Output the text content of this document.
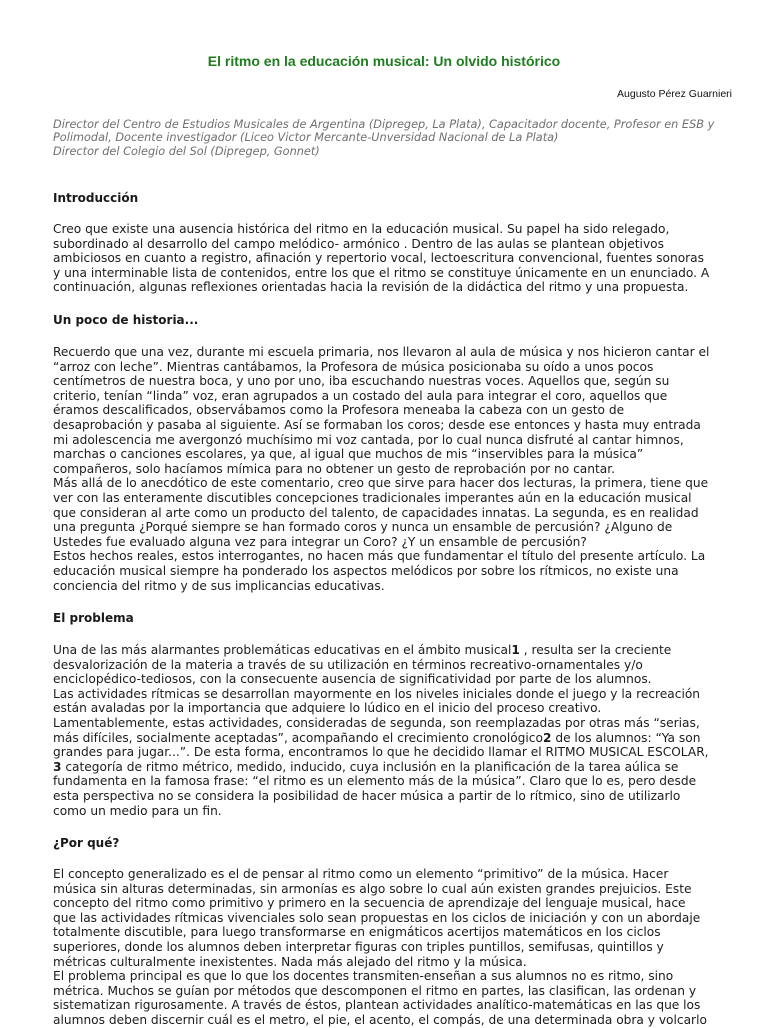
El ritmo en la educación musical: Un olvido histórico
Augusto Pérez Guarnieri
Director del Centro de Estudios Musicales de Argentina (Dipregep, La Plata), Capacitador docente, Profesor en ESB y
Polimodal, Docente investigador (Liceo Victor Mercante-Unversidad Nacional de La Plata)
Director del Colegio del Sol (Dipregep, Gonnet)
Introducción
Creo que existe una ausencia histórica del ritmo en la educación musical. Su papel ha sido relegado,
subordinado al desarrollo del campo melódico- armónico . Dentro de las aulas se plantean objetivos
ambiciosos en cuanto a registro, afinación y repertorio vocal, lectoescritura convencional, fuentes sonoras
y una interminable lista de contenidos, entre los que el ritmo se constituye únicamente en un enunciado. A
continuación, algunas reflexiones orientadas hacia la revisión de la didáctica del ritmo y una propuesta.
Un poco de historia...
Recuerdo que una vez, durante mi escuela primaria, nos llevaron al aula de música y nos hicieron cantar el
“arroz con leche”. Mientras cantábamos, la Profesora de música posicionaba su oído a unos pocos
centímetros de nuestra boca, y uno por uno, iba escuchando nuestras voces. Aquellos que, según su
criterio, tenían “linda” voz, eran agrupados a un costado del aula para integrar el coro, aquellos que
éramos descalificados, observábamos como la Profesora meneaba la cabeza con un gesto de
desaprobación y pasaba al siguiente. Así se formaban los coros; desde ese entonces y hasta muy entrada
mi adolescencia me avergonzó muchísimo mi voz cantada, por lo cual nunca disfruté al cantar himnos,
marchas o canciones escolares, ya que, al igual que muchos de mis “inservibles para la música”
compañeros, solo hacíamos mímica para no obtener un gesto de reprobación por no cantar.
Más allá de lo anecdótico de este comentario, creo que sirve para hacer dos lecturas, la primera, tiene que
ver con las enteramente discutibles concepciones tradicionales imperantes aún en la educación musical
que consideran al arte como un producto del talento, de capacidades innatas. La segunda, es en realidad
una pregunta ¿Porqué siempre se han formado coros y nunca un ensamble de percusión? ¿Alguno de
Ustedes fue evaluado alguna vez para integrar un Coro? ¿Y un ensamble de percusión?
Estos hechos reales, estos interrogantes, no hacen más que fundamentar el título del presente artículo. La
educación musical siempre ha ponderado los aspectos melódicos por sobre los rítmicos, no existe una
conciencia del ritmo y de sus implicancias educativas.
El problema
Una de las más alarmantes problemáticas educativas en el ámbito musical1 , resulta ser la creciente
desvalorización de la materia a través de su utilización en términos recreativo-ornamentales y/o
enciclopédico-tediosos, con la consecuente ausencia de significatividad por parte de los alumnos.
Las actividades rítmicas se desarrollan mayormente en los niveles iniciales donde el juego y la recreación
están avaladas por la importancia que adquiere lo lúdico en el inicio del proceso creativo.
Lamentablemente, estas actividades, consideradas de segunda, son reemplazadas por otras más “serias,
más difíciles, socialmente aceptadas”, acompañando el crecimiento cronológico2 de los alumnos: “Ya son
grandes para jugar...”. De esta forma, encontramos lo que he decidido llamar el RITMO MUSICAL ESCOLAR,
3 categoría de ritmo métrico, medido, inducido, cuya inclusión en la planificación de la tarea aúlica se
fundamenta en la famosa frase: “el ritmo es un elemento más de la música”. Claro que lo es, pero desde
esta perspectiva no se considera la posibilidad de hacer música a partir de lo rítmico, sino de utilizarlo
como un medio para un fin.
¿Por qué?
El concepto generalizado es el de pensar al ritmo como un elemento “primitivo” de la música. Hacer
música sin alturas determinadas, sin armonías es algo sobre lo cual aún existen grandes prejuicios. Este
concepto del ritmo como primitivo y primero en la secuencia de aprendizaje del lenguaje musical, hace
que las actividades rítmicas vivenciales solo sean propuestas en los ciclos de iniciación y con un abordaje
totalmente discutible, para luego transformarse en enigmáticos acertijos matemáticos en los ciclos
superiores, donde los alumnos deben interpretar figuras con triples puntillos, semifusas, quintillos y
métricas culturalmente inexistentes. Nada más alejado del ritmo y la música.
El problema principal es que lo que los docentes transmiten-enseñan a sus alumnos no es ritmo, sino
métrica. Muchos se guían por métodos que descomponen el ritmo en partes, las clasifican, las ordenan y
sistematizan rigurosamente. A través de éstos, plantean actividades analítico-matemáticas en las que los
alumnos deben discernir cuál es el metro, el pie, el acento, el compás, de una determinada obra y volcarlo
